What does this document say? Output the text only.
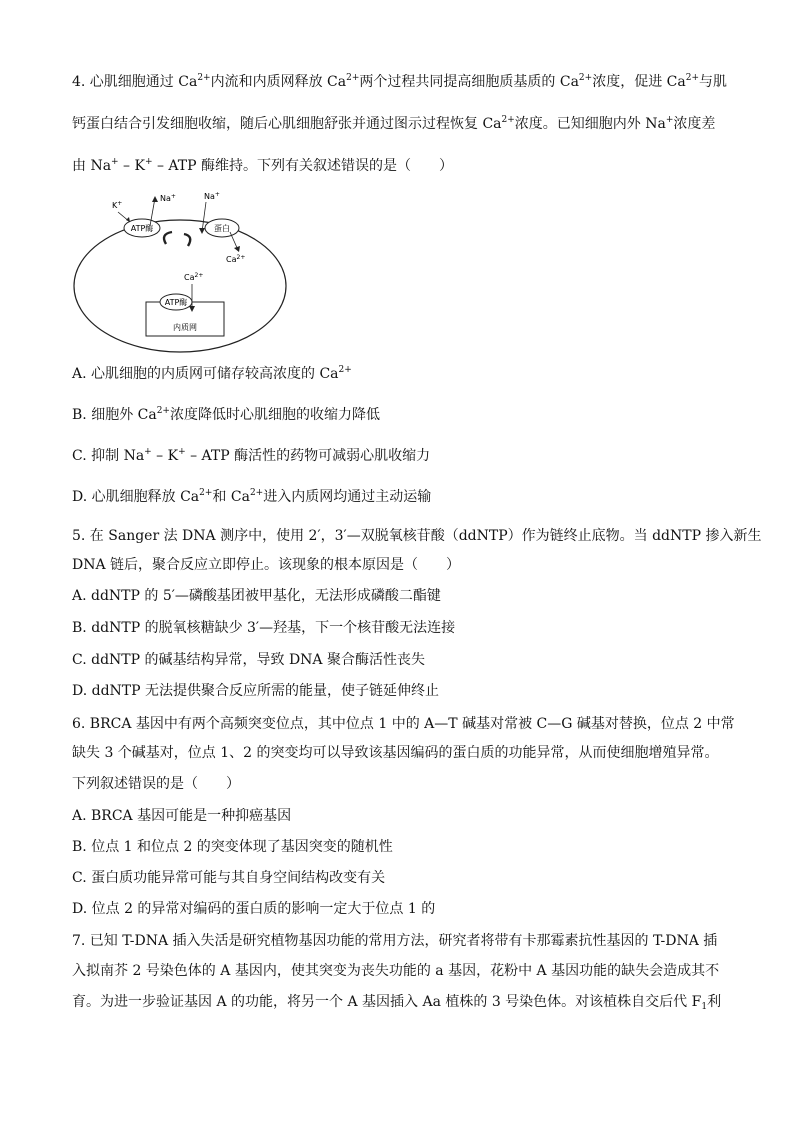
4. 心肌细胞通过 $Ca^{2+}$内流和内质网释放 $Ca^{2+}$两个过程共同提高细胞质基质的 $Ca^{2+}$浓度，促进 $Ca^{2+}$与肌
钙蛋白结合引发细胞收缩，随后心肌细胞舒张并通过图示过程恢复 $Ca^{2+}$浓度。已知细胞内外 Na+浓度差
由 Na+ – K+ – ATP 酶维持。下列有关叙述错误的是（　　）
ATP酶
K+
Na+
蛋白
Na+
$Ca^{2+}$
内质网
ATP酶
$Ca^{2+}$
A. 心肌细胞的内质网可储存较高浓度的 $Ca^{2+}$
B. 细胞外 $Ca^{2+}$浓度降低时心肌细胞的收缩力降低
C. 抑制 Na+ – K+ – ATP 酶活性的药物可减弱心肌收缩力
D. 心肌细胞释放 $Ca^{2+}$和 $Ca^{2+}$进入内质网均通过主动运输
5. 在 Sanger 法 DNA 测序中，使用 2′，3′—双脱氧核苷酸（ddNTP）作为链终止底物。当 ddNTP 掺入新生
DNA 链后，聚合反应立即停止。该现象的根本原因是（　　）
A. ddNTP 的 5′—磷酸基团被甲基化，无法形成磷酸二酯键
B. ddNTP 的脱氧核糖缺少 3′—羟基，下一个核苷酸无法连接
C. ddNTP 的碱基结构异常，导致 DNA 聚合酶活性丧失
D. ddNTP 无法提供聚合反应所需的能量，使子链延伸终止
6. BRCA 基因中有两个高频突变位点，其中位点 1 中的 A—T 碱基对常被 C—G 碱基对替换，位点 2 中常
缺失 3 个碱基对，位点 1、2 的突变均可以导致该基因编码的蛋白质的功能异常，从而使细胞增殖异常。
下列叙述错误的是（　　）
A. BRCA 基因可能是一种抑癌基因
B. 位点 1 和位点 2 的突变体现了基因突变的随机性
C. 蛋白质功能异常可能与其自身空间结构改变有关
D. 位点 2 的异常对编码的蛋白质的影响一定大于位点 1 的
7. 已知 T-DNA 插入失活是研究植物基因功能的常用方法，研究者将带有卡那霉素抗性基因的 T-DNA 插
入拟南芥 2 号染色体的 A 基因内，使其突变为丧失功能的 a 基因，花粉中 A 基因功能的缺失会造成其不
育。为进一步验证基因 A 的功能，将另一个 A 基因插入 Aa 植株的 3 号染色体。对该植株自交后代 $F_1$利
